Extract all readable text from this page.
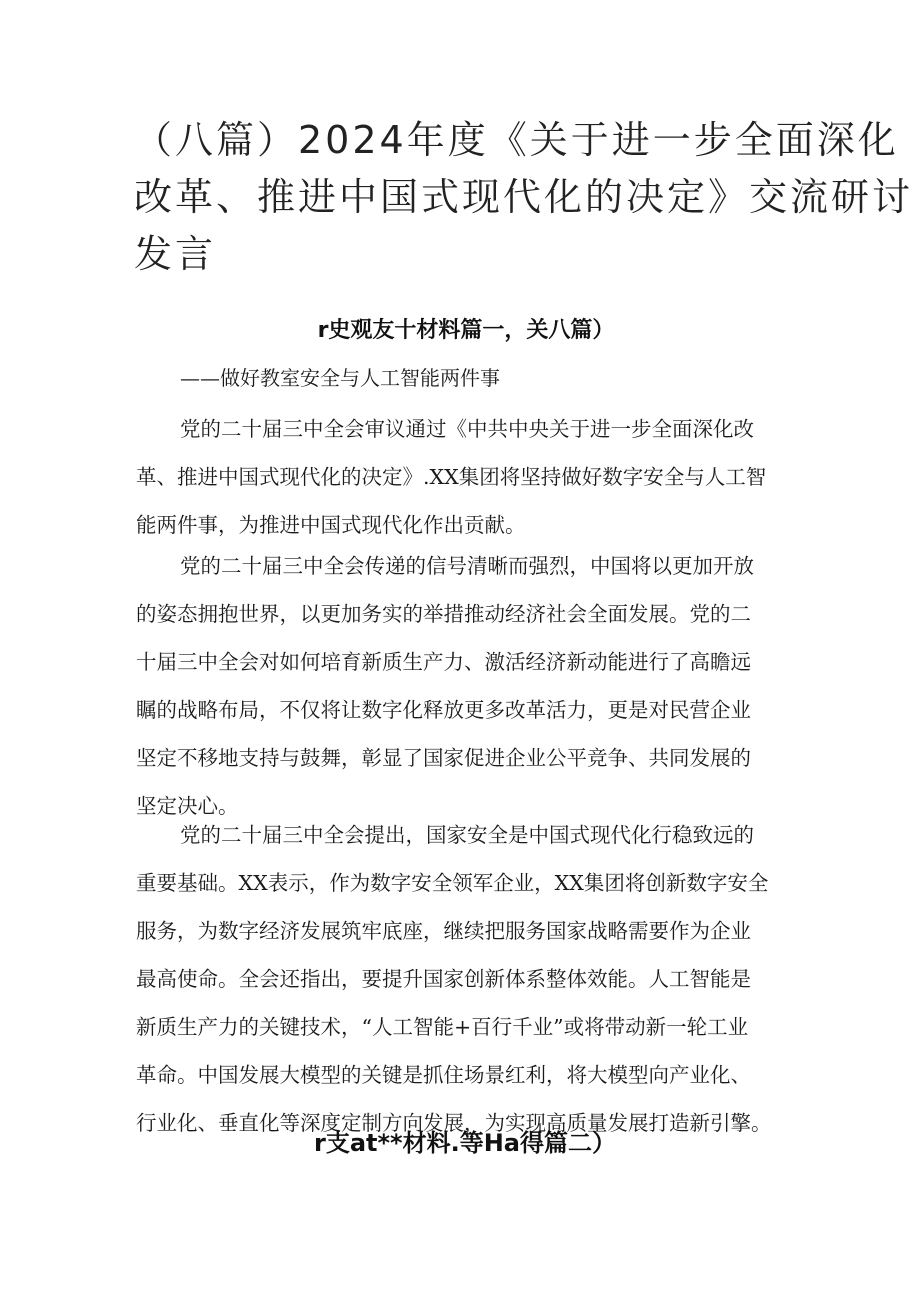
（八篇）2024年度《关于进一步全面深化
改革、推进中国式现代化的决定》交流研讨
发言
r史观友十材料篇一，关八篇）

——做好教室安全与人工智能两件事

党的二十届三中全会审议通过《中共中央关于进一步全面深化改
革、推进中国式现代化的决定》.XX集团将坚持做好数字安全与人工智
能两件事，为推进中国式现代化作出贡献。
党的二十届三中全会传递的信号清晰而强烈，中国将以更加开放
的姿态拥抱世界，以更加务实的举措推动经济社会全面发展。党的二
十届三中全会对如何培育新质生产力、激活经济新动能进行了高瞻远
瞩的战略布局，不仅将让数字化释放更多改革活力，更是对民营企业
坚定不移地支持与鼓舞，彰显了国家促进企业公平竞争、共同发展的
坚定决心。
党的二十届三中全会提出，国家安全是中国式现代化行稳致远的
重要基础。XX表示，作为数字安全领军企业，XX集团将创新数字安全
服务，为数字经济发展筑牢底座，继续把服务国家战略需要作为企业
最高使命。全会还指出，要提升国家创新体系整体效能。人工智能是
新质生产力的关键技术，“人工智能+百行千业”或将带动新一轮工业
革命。中国发展大模型的关键是抓住场景红利，将大模型向产业化、
行业化、垂直化等深度定制方向发展，为实现高质量发展打造新引擎。
r支at**材料.等Ha得篇二）
